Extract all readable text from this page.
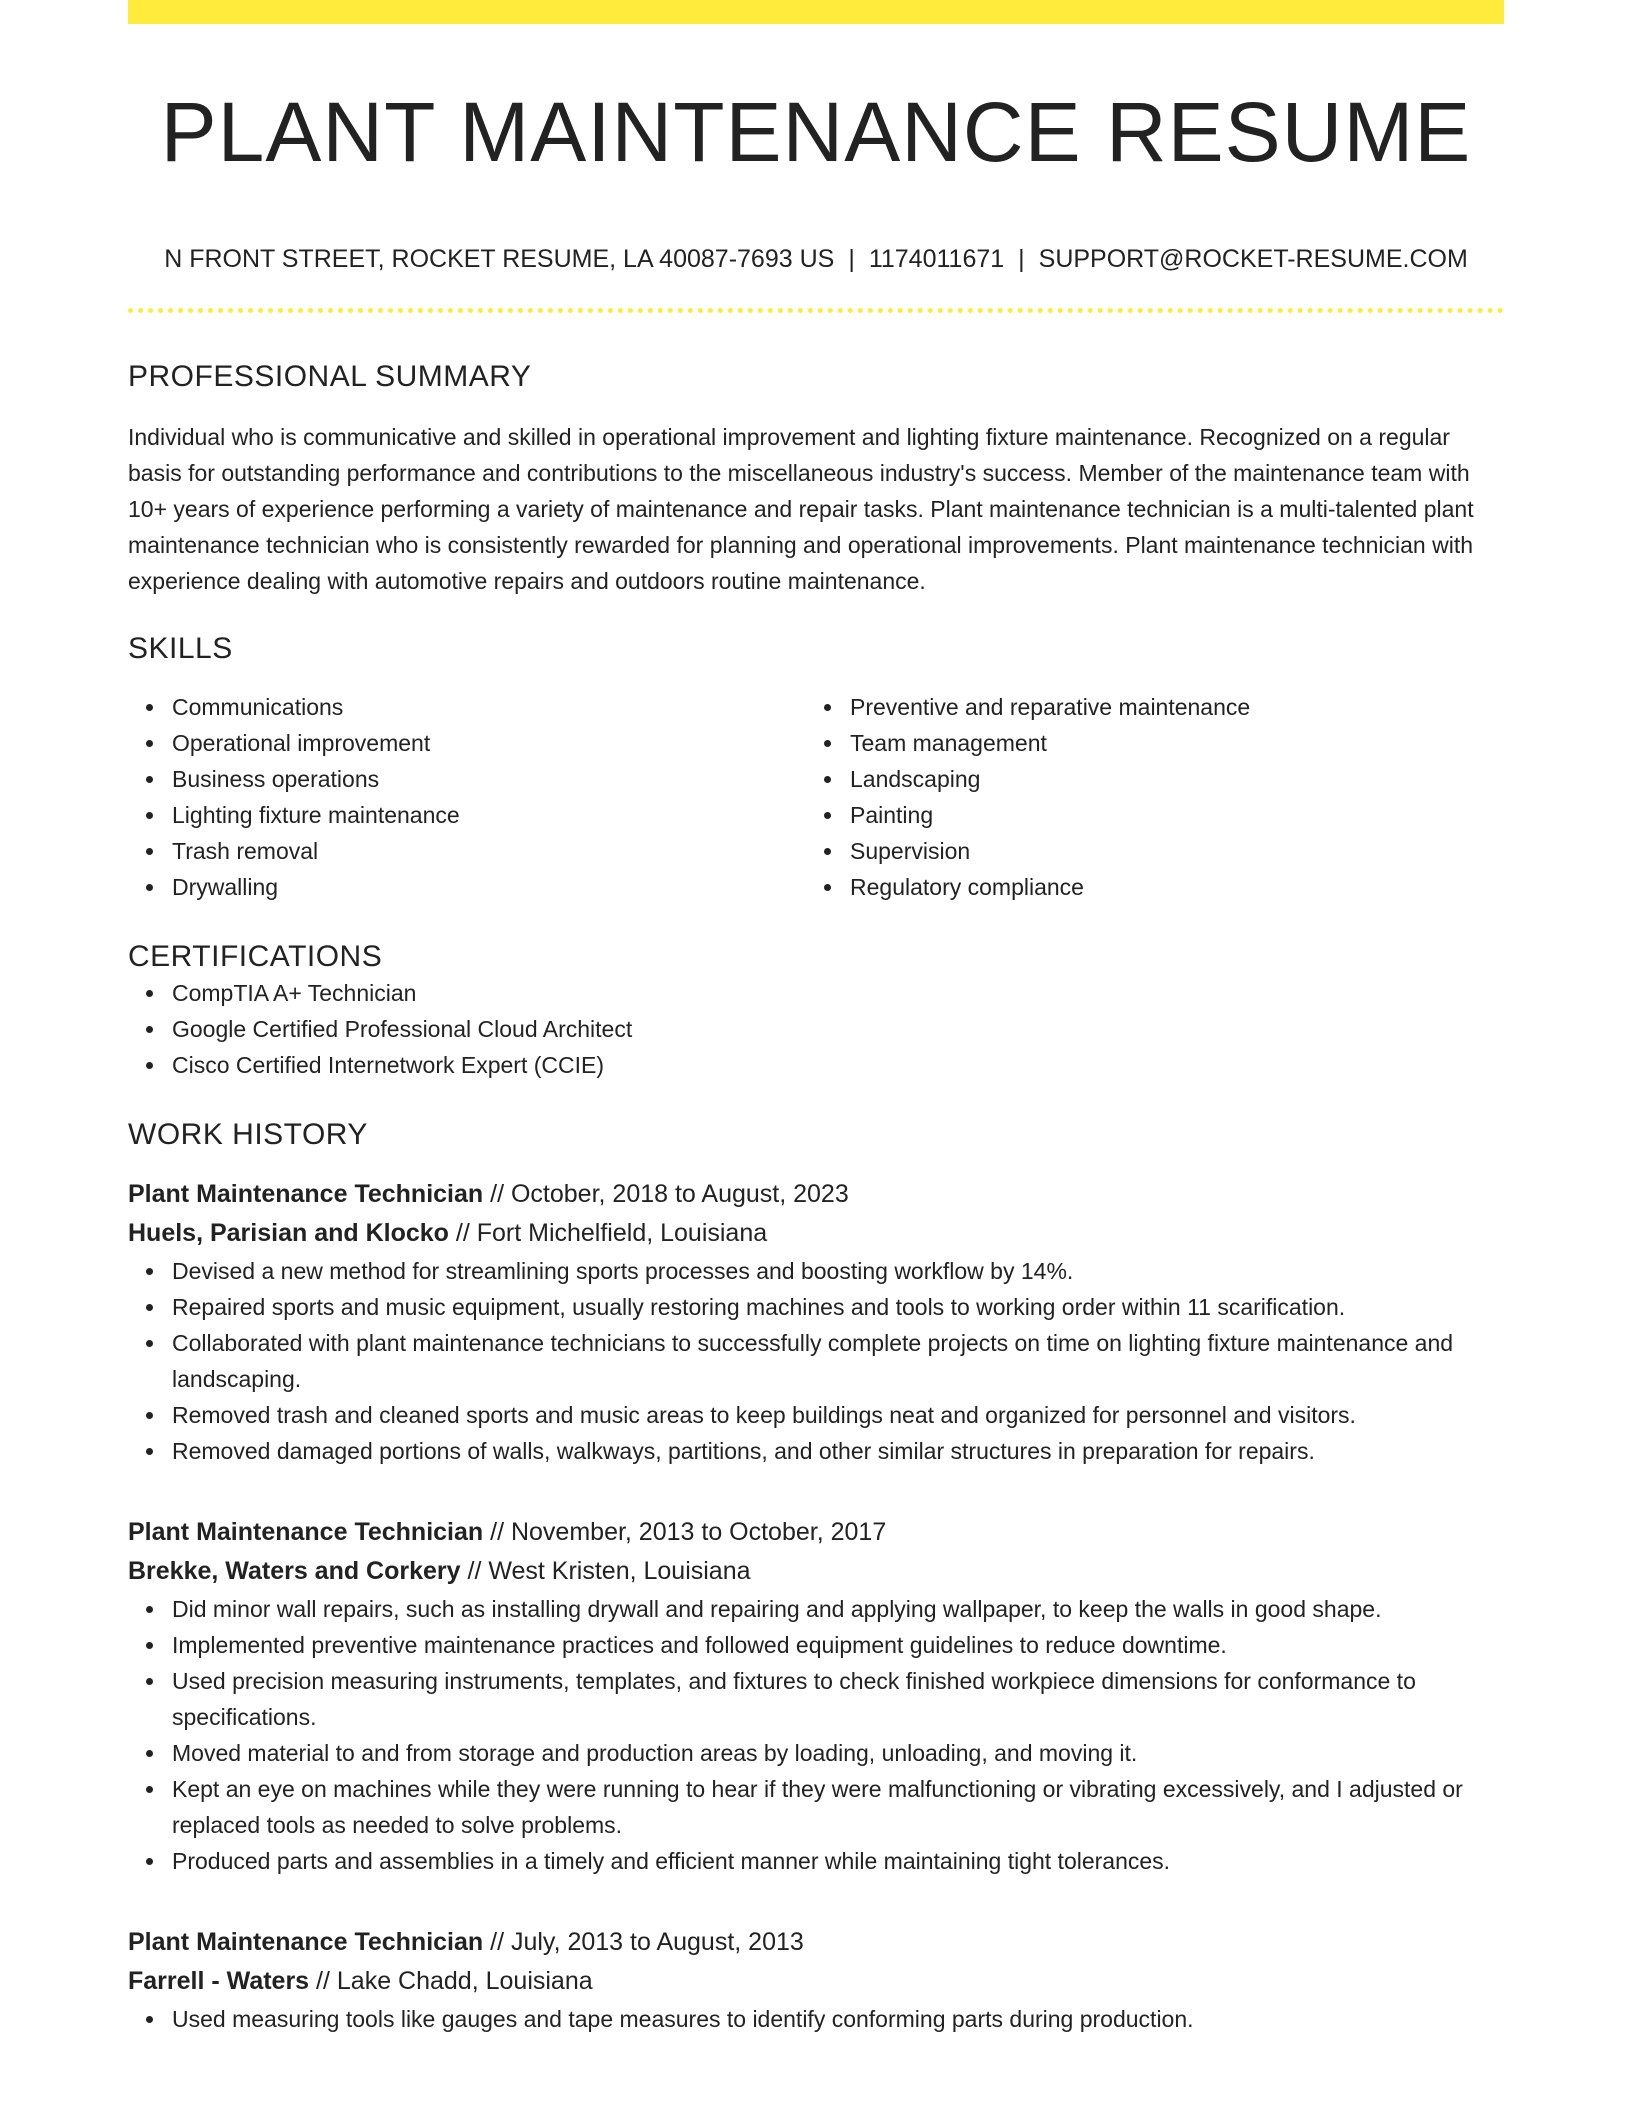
PLANT MAINTENANCE RESUME
N FRONT STREET, ROCKET RESUME, LA 40087-7693 US | 1174011671 | SUPPORT@ROCKET-RESUME.COM
PROFESSIONAL SUMMARY

Individual who is communicative and skilled in operational improvement and lighting fixture maintenance. Recognized on a regular basis for outstanding performance and contributions to the miscellaneous industry's success. Member of the maintenance team with 10+ years of experience performing a variety of maintenance and repair tasks. Plant maintenance technician is a multi-talented plant maintenance technician who is consistently rewarded for planning and operational improvements. Plant maintenance technician with experience dealing with automotive repairs and outdoors routine maintenance.

SKILLS
Communications
Operational improvement
Business operations
Lighting fixture maintenance
Trash removal
Drywalling
Preventive and reparative maintenance
Team management
Landscaping
Painting
Supervision
Regulatory compliance
CERTIFICATIONS
CompTIA A+ Technician
Google Certified Professional Cloud Architect
Cisco Certified Internetwork Expert (CCIE)
WORK HISTORY
Plant Maintenance Technician // October, 2018 to August, 2023
Huels, Parisian and Klocko // Fort Michelfield, Louisiana
Devised a new method for streamlining sports processes and boosting workflow by 14%.
Repaired sports and music equipment, usually restoring machines and tools to working order within 11 scarification.
Collaborated with plant maintenance technicians to successfully complete projects on time on lighting fixture maintenance and landscaping.
Removed trash and cleaned sports and music areas to keep buildings neat and organized for personnel and visitors.
Removed damaged portions of walls, walkways, partitions, and other similar structures in preparation for repairs.
Plant Maintenance Technician // November, 2013 to October, 2017
Brekke, Waters and Corkery // West Kristen, Louisiana
Did minor wall repairs, such as installing drywall and repairing and applying wallpaper, to keep the walls in good shape.
Implemented preventive maintenance practices and followed equipment guidelines to reduce downtime.
Used precision measuring instruments, templates, and fixtures to check finished workpiece dimensions for conformance to specifications.
Moved material to and from storage and production areas by loading, unloading, and moving it.
Kept an eye on machines while they were running to hear if they were malfunctioning or vibrating excessively, and I adjusted or replaced tools as needed to solve problems.
Produced parts and assemblies in a timely and efficient manner while maintaining tight tolerances.
Plant Maintenance Technician // July, 2013 to August, 2013
Farrell - Waters // Lake Chadd, Louisiana
Used measuring tools like gauges and tape measures to identify conforming parts during production.
